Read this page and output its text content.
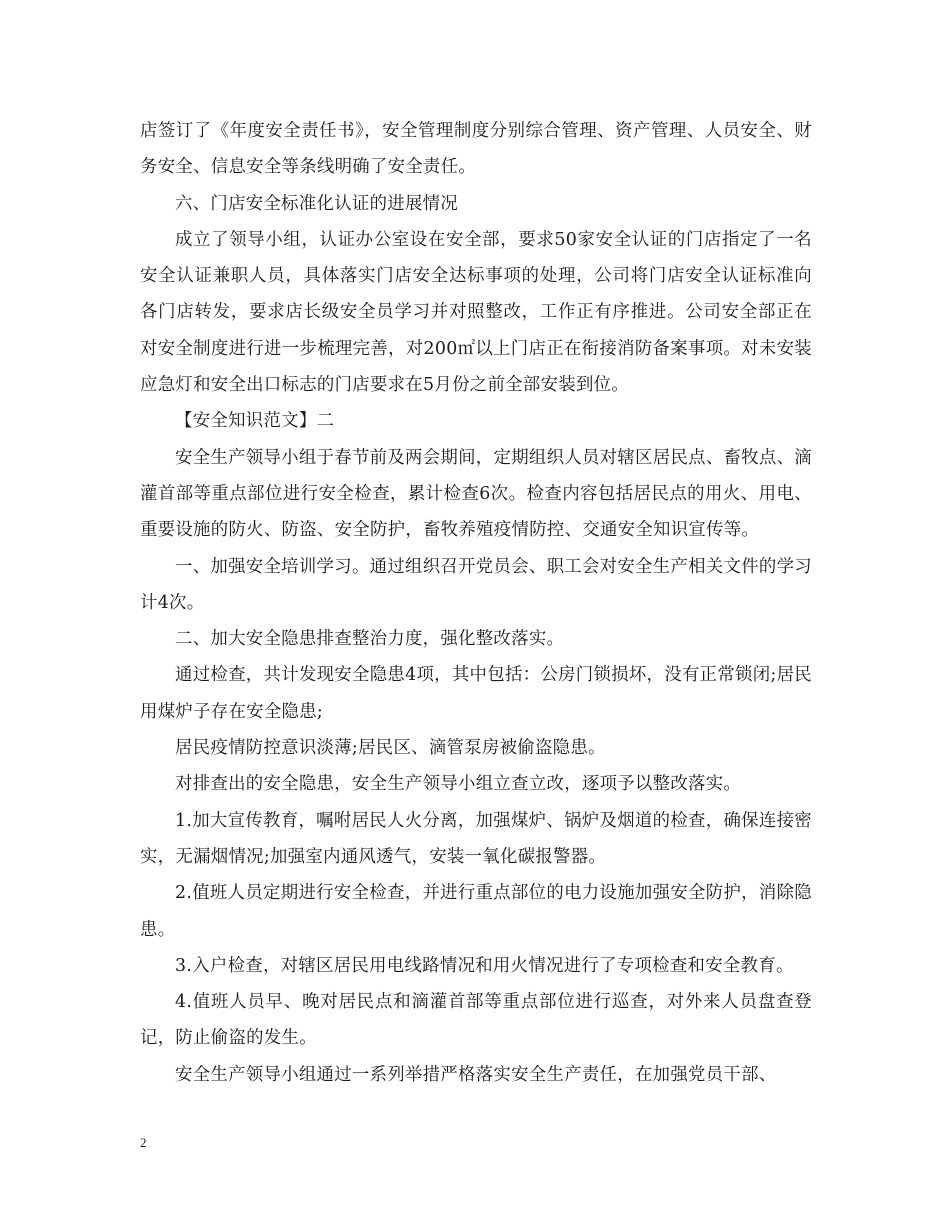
店签订了《年度安全责任书》，安全管理制度分别综合管理、资产管理、人员安全、财务安全、信息安全等条线明确了安全责任。

六、门店安全标准化认证的进展情况

成立了领导小组，认证办公室设在安全部，要求50家安全认证的门店指定了一名安全认证兼职人员，具体落实门店安全达标事项的处理，公司将门店安全认证标准向各门店转发，要求店长级安全员学习并对照整改，工作正有序推进。公司安全部正在对安全制度进行进一步梳理完善，对200㎡以上门店正在衔接消防备案事项。对未安装应急灯和安全出口标志的门店要求在5月份之前全部安装到位。

【安全知识范文】二

安全生产领导小组于春节前及两会期间，定期组织人员对辖区居民点、畜牧点、滴灌首部等重点部位进行安全检查，累计检查6次。检查内容包括居民点的用火、用电、重要设施的防火、防盗、安全防护，畜牧养殖疫情防控、交通安全知识宣传等。

一、加强安全培训学习。通过组织召开党员会、职工会对安全生产相关文件的学习计4次。

二、加大安全隐患排查整治力度，强化整改落实。

通过检查，共计发现安全隐患4项，其中包括：公房门锁损坏，没有正常锁闭;居民用煤炉子存在安全隐患;

居民疫情防控意识淡薄;居民区、滴管泵房被偷盗隐患。

对排查出的安全隐患，安全生产领导小组立查立改，逐项予以整改落实。

1.加大宣传教育，嘱咐居民人火分离，加强煤炉、锅炉及烟道的检查，确保连接密实，无漏烟情况;加强室内通风透气，安装一氧化碳报警器。

2.值班人员定期进行安全检查，并进行重点部位的电力设施加强安全防护，消除隐患。

3.入户检查，对辖区居民用电线路情况和用火情况进行了专项检查和安全教育。

4.值班人员早、晚对居民点和滴灌首部等重点部位进行巡查，对外来人员盘查登记，防止偷盗的发生。

安全生产领导小组通过一系列举措严格落实安全生产责任，在加强党员干部、

2
